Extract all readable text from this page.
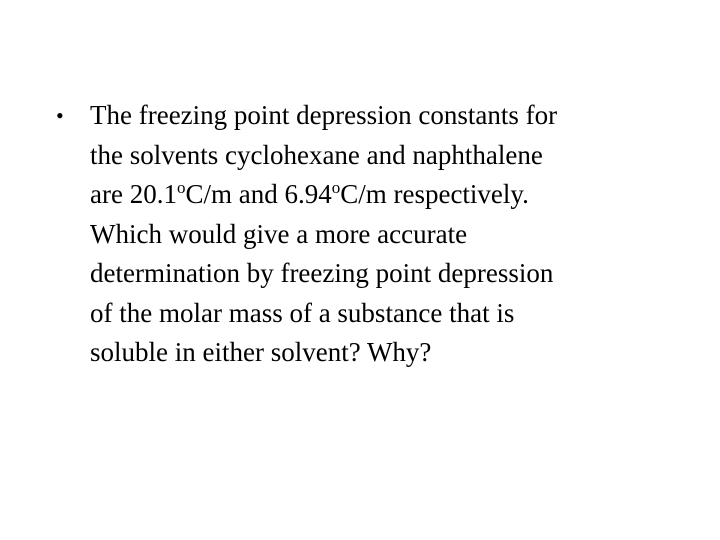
• The freezing point depression constants for
the solvents cyclohexane and naphthalene
are 20.1$^o$C/m and 6.94$^o$C/m respectively.
Which would give a more accurate
determination by freezing point depression
of the molar mass of a substance that is
soluble in either solvent? Why?
